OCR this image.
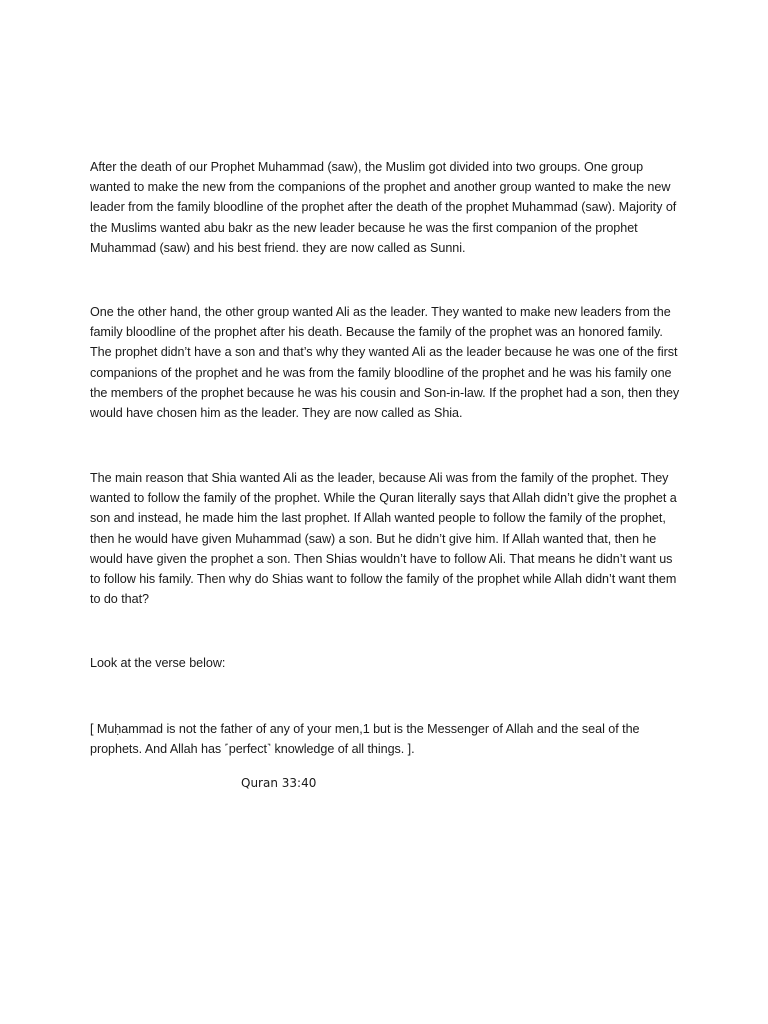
After the death of our Prophet Muhammad (saw), the Muslim got divided into two groups. One group wanted to make the new from the companions of the prophet and another group wanted to make the new leader from the family bloodline of the prophet after the death of the prophet Muhammad (saw). Majority of the Muslims wanted abu bakr as the new leader because he was the first companion of the prophet Muhammad (saw) and his best friend. they are now called as Sunni.

One the other hand, the other group wanted Ali as the leader. They wanted to make new leaders from the family bloodline of the prophet after his death. Because the family of the prophet was an honored family. The prophet didn’t have a son and that’s why they wanted Ali as the leader because he was one of the first companions of the prophet and he was from the family bloodline of the prophet and he was his family one the members of the prophet because he was his cousin and Son-in-law. If the prophet had a son, then they would have chosen him as the leader. They are now called as Shia.

The main reason that Shia wanted Ali as the leader, because Ali was from the family of the prophet. They wanted to follow the family of the prophet. While the Quran literally says that Allah didn’t give the prophet a son and instead, he made him the last prophet. If Allah wanted people to follow the family of the prophet, then he would have given Muhammad (saw) a son. But he didn’t give him. If Allah wanted that, then he would have given the prophet a son. Then Shias wouldn’t have to follow Ali. That means he didn’t want us to follow his family. Then why do Shias want to follow the family of the prophet while Allah didn’t want them to do that?

Look at the verse below:

[ Muḥammad is not the father of any of your men,1 but is the Messenger of Allah and the seal of the prophets. And Allah has ˹perfect˺ knowledge of all things. ].

Quran 33:40
